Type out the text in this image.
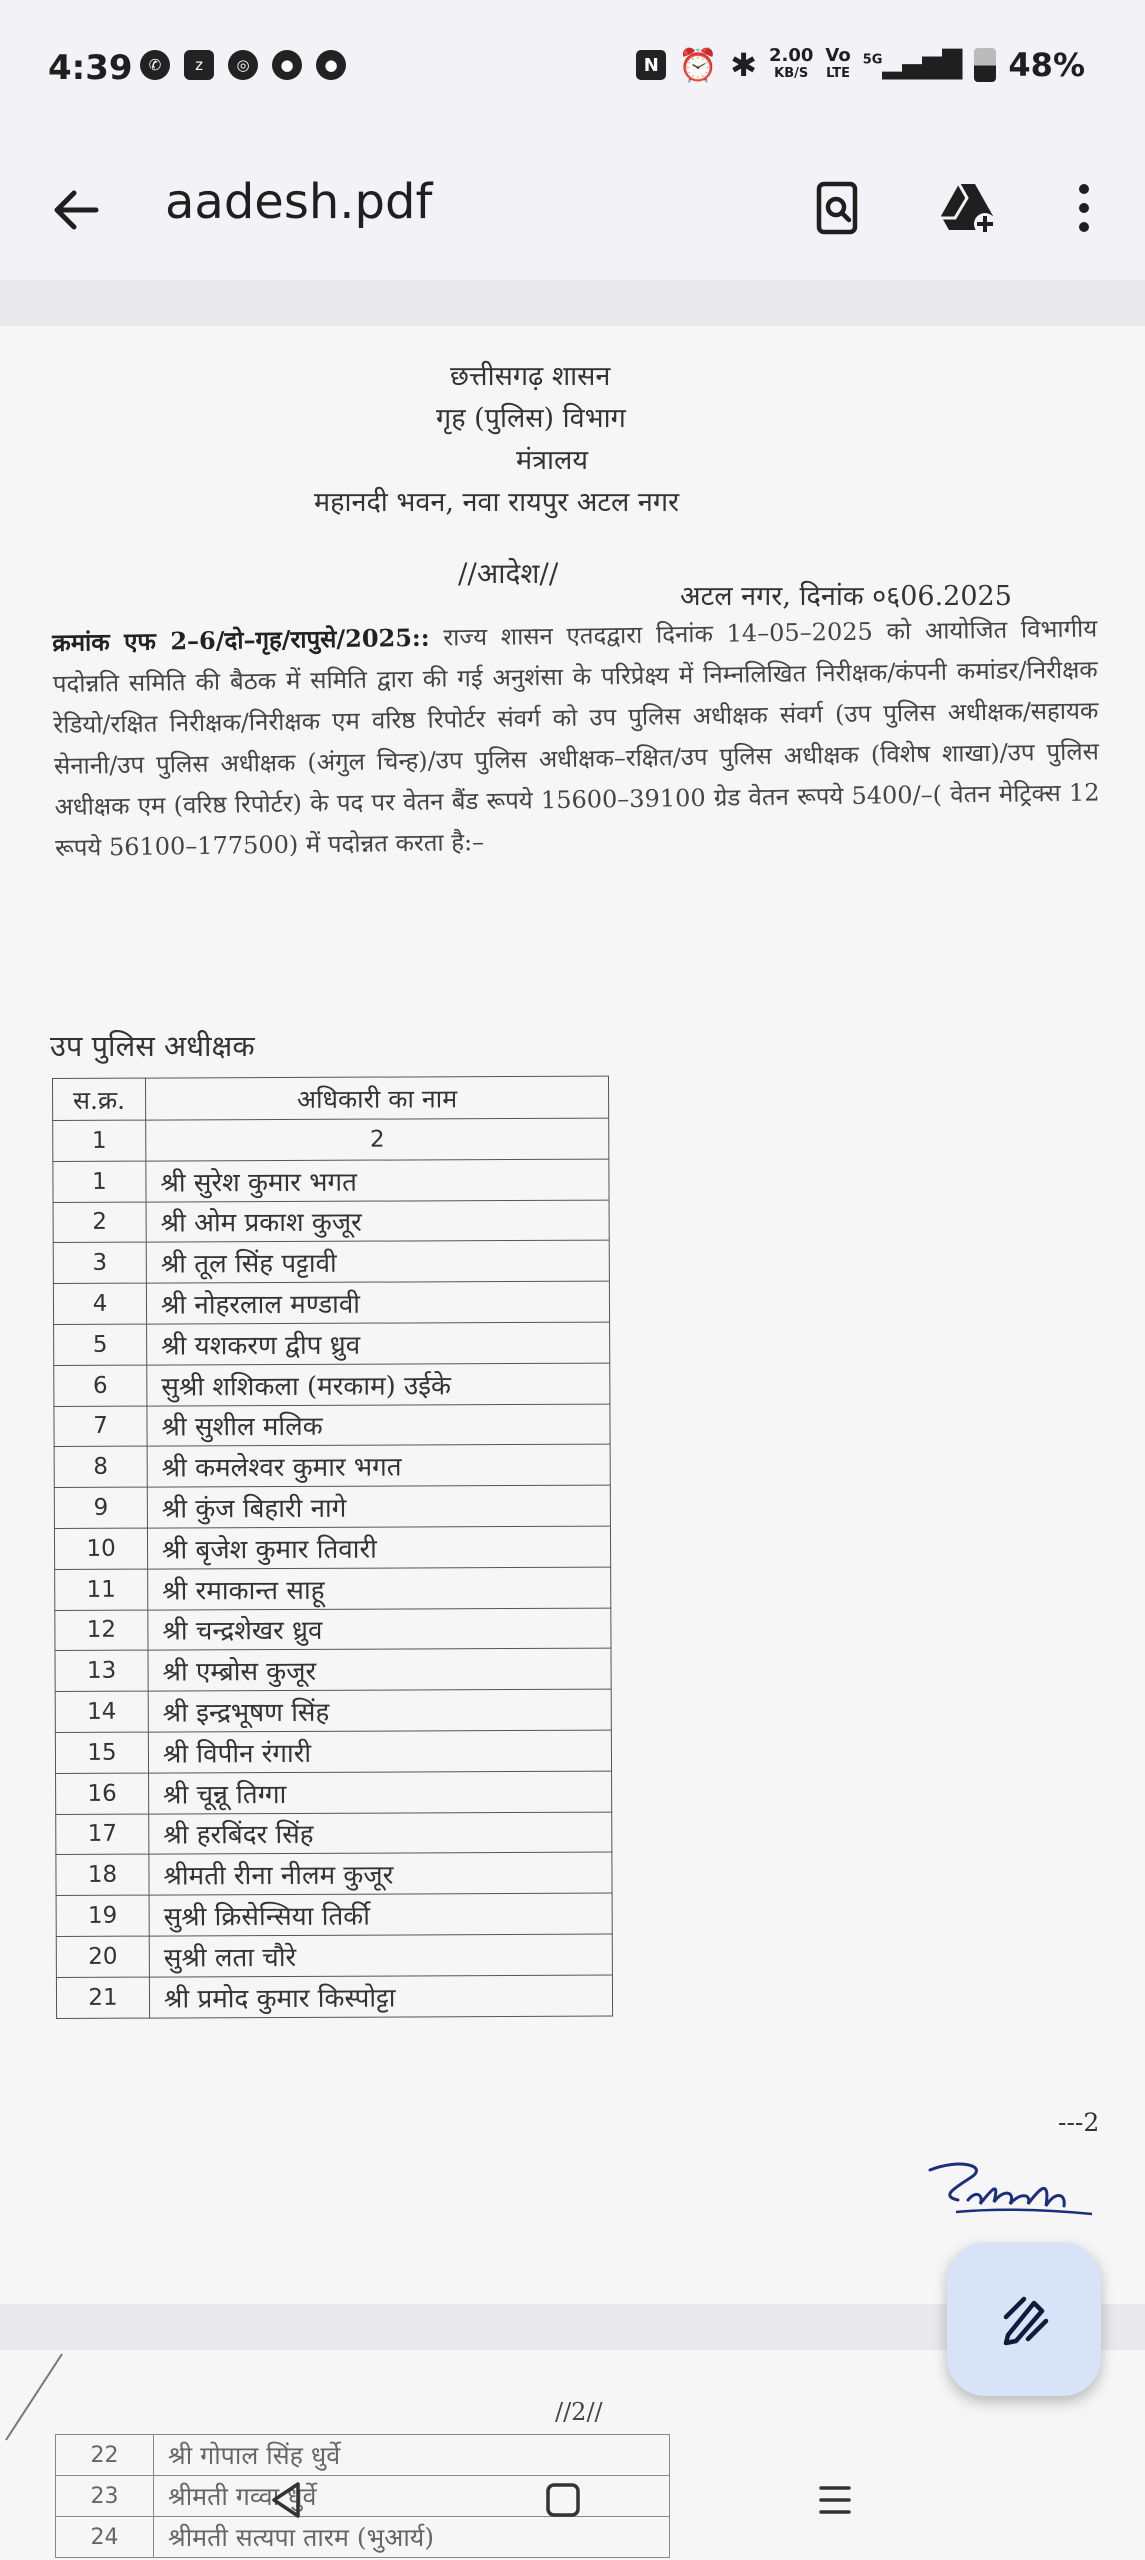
4:39	✆	z	◎	●	●	N ⏰ ✱ 2.00
KB/S
Vo
LTE
$^{5G}$▂▄▆█ 48%
aadesh.pdf
छत्तीसगढ़ शासन
गृह (पुलिस) विभाग
मंत्रालय
महानदी भवन, नवा रायपुर अटल नगर
//आदेश//
अटल नगर, दिनांक ०६06.2025
क्रमांक एफ 2–6/दो–गृह/रापुसे/2025:: राज्य शासन एतदद्वारा दिनांक 14–05–2025 को आयोजित विभागीय पदोन्नति समिति की बैठक में समिति द्वारा की गई अनुशंसा के परिप्रेक्ष्य में निम्नलिखित निरीक्षक/कंपनी कमांडर/निरीक्षक रेडियो/रक्षित निरीक्षक/निरीक्षक एम वरिष्ठ रिपोर्टर संवर्ग को उप पुलिस अधीक्षक संवर्ग (उप पुलिस अधीक्षक/सहायक सेनानी/उप पुलिस अधीक्षक (अंगुल चिन्ह)/उप पुलिस अधीक्षक–रक्षित/उप पुलिस अधीक्षक (विशेष शाखा)/उप पुलिस अधीक्षक एम (वरिष्ठ रिपोर्टर) के पद पर वेतन बैंड रूपये 15600–39100 ग्रेड वेतन रूपये 5400/–( वेतन मेट्रिक्स 12 रूपये 56100–177500) में पदोन्नत करता है:–
उप पुलिस अधीक्षक
स.क्र.	अधिकारी का नाम
1	2
1	श्री सुरेश कुमार भगत
2	श्री ओम प्रकाश कुजूर
3	श्री तूल सिंह पट्टावी
4	श्री नोहरलाल मण्डावी
5	श्री यशकरण द्वीप ध्रुव
6	सुश्री शशिकला (मरकाम) उईके
7	श्री सुशील मलिक
8	श्री कमलेश्वर कुमार भगत
9	श्री कुंज बिहारी नागे
10	श्री बृजेश कुमार तिवारी
11	श्री रमाकान्त साहू
12	श्री चन्द्रशेखर ध्रुव
13	श्री एम्ब्रोस कुजूर
14	श्री इन्द्रभूषण सिंह
15	श्री विपीन रंगारी
16	श्री चून्नू तिग्गा
17	श्री हरबिंदर सिंह
18	श्रीमती रीना नीलम कुजूर
19	सुश्री क्रिसेन्सिया तिर्की
20	सुश्री लता चौरे
21	श्री प्रमोद कुमार किस्पोट्टा
---2
//2//
22	श्री गोपाल सिंह धुर्वे
23	श्रीमती गव्वा धुर्वे
24	श्रीमती सत्यपा तारम (भुआर्य)
